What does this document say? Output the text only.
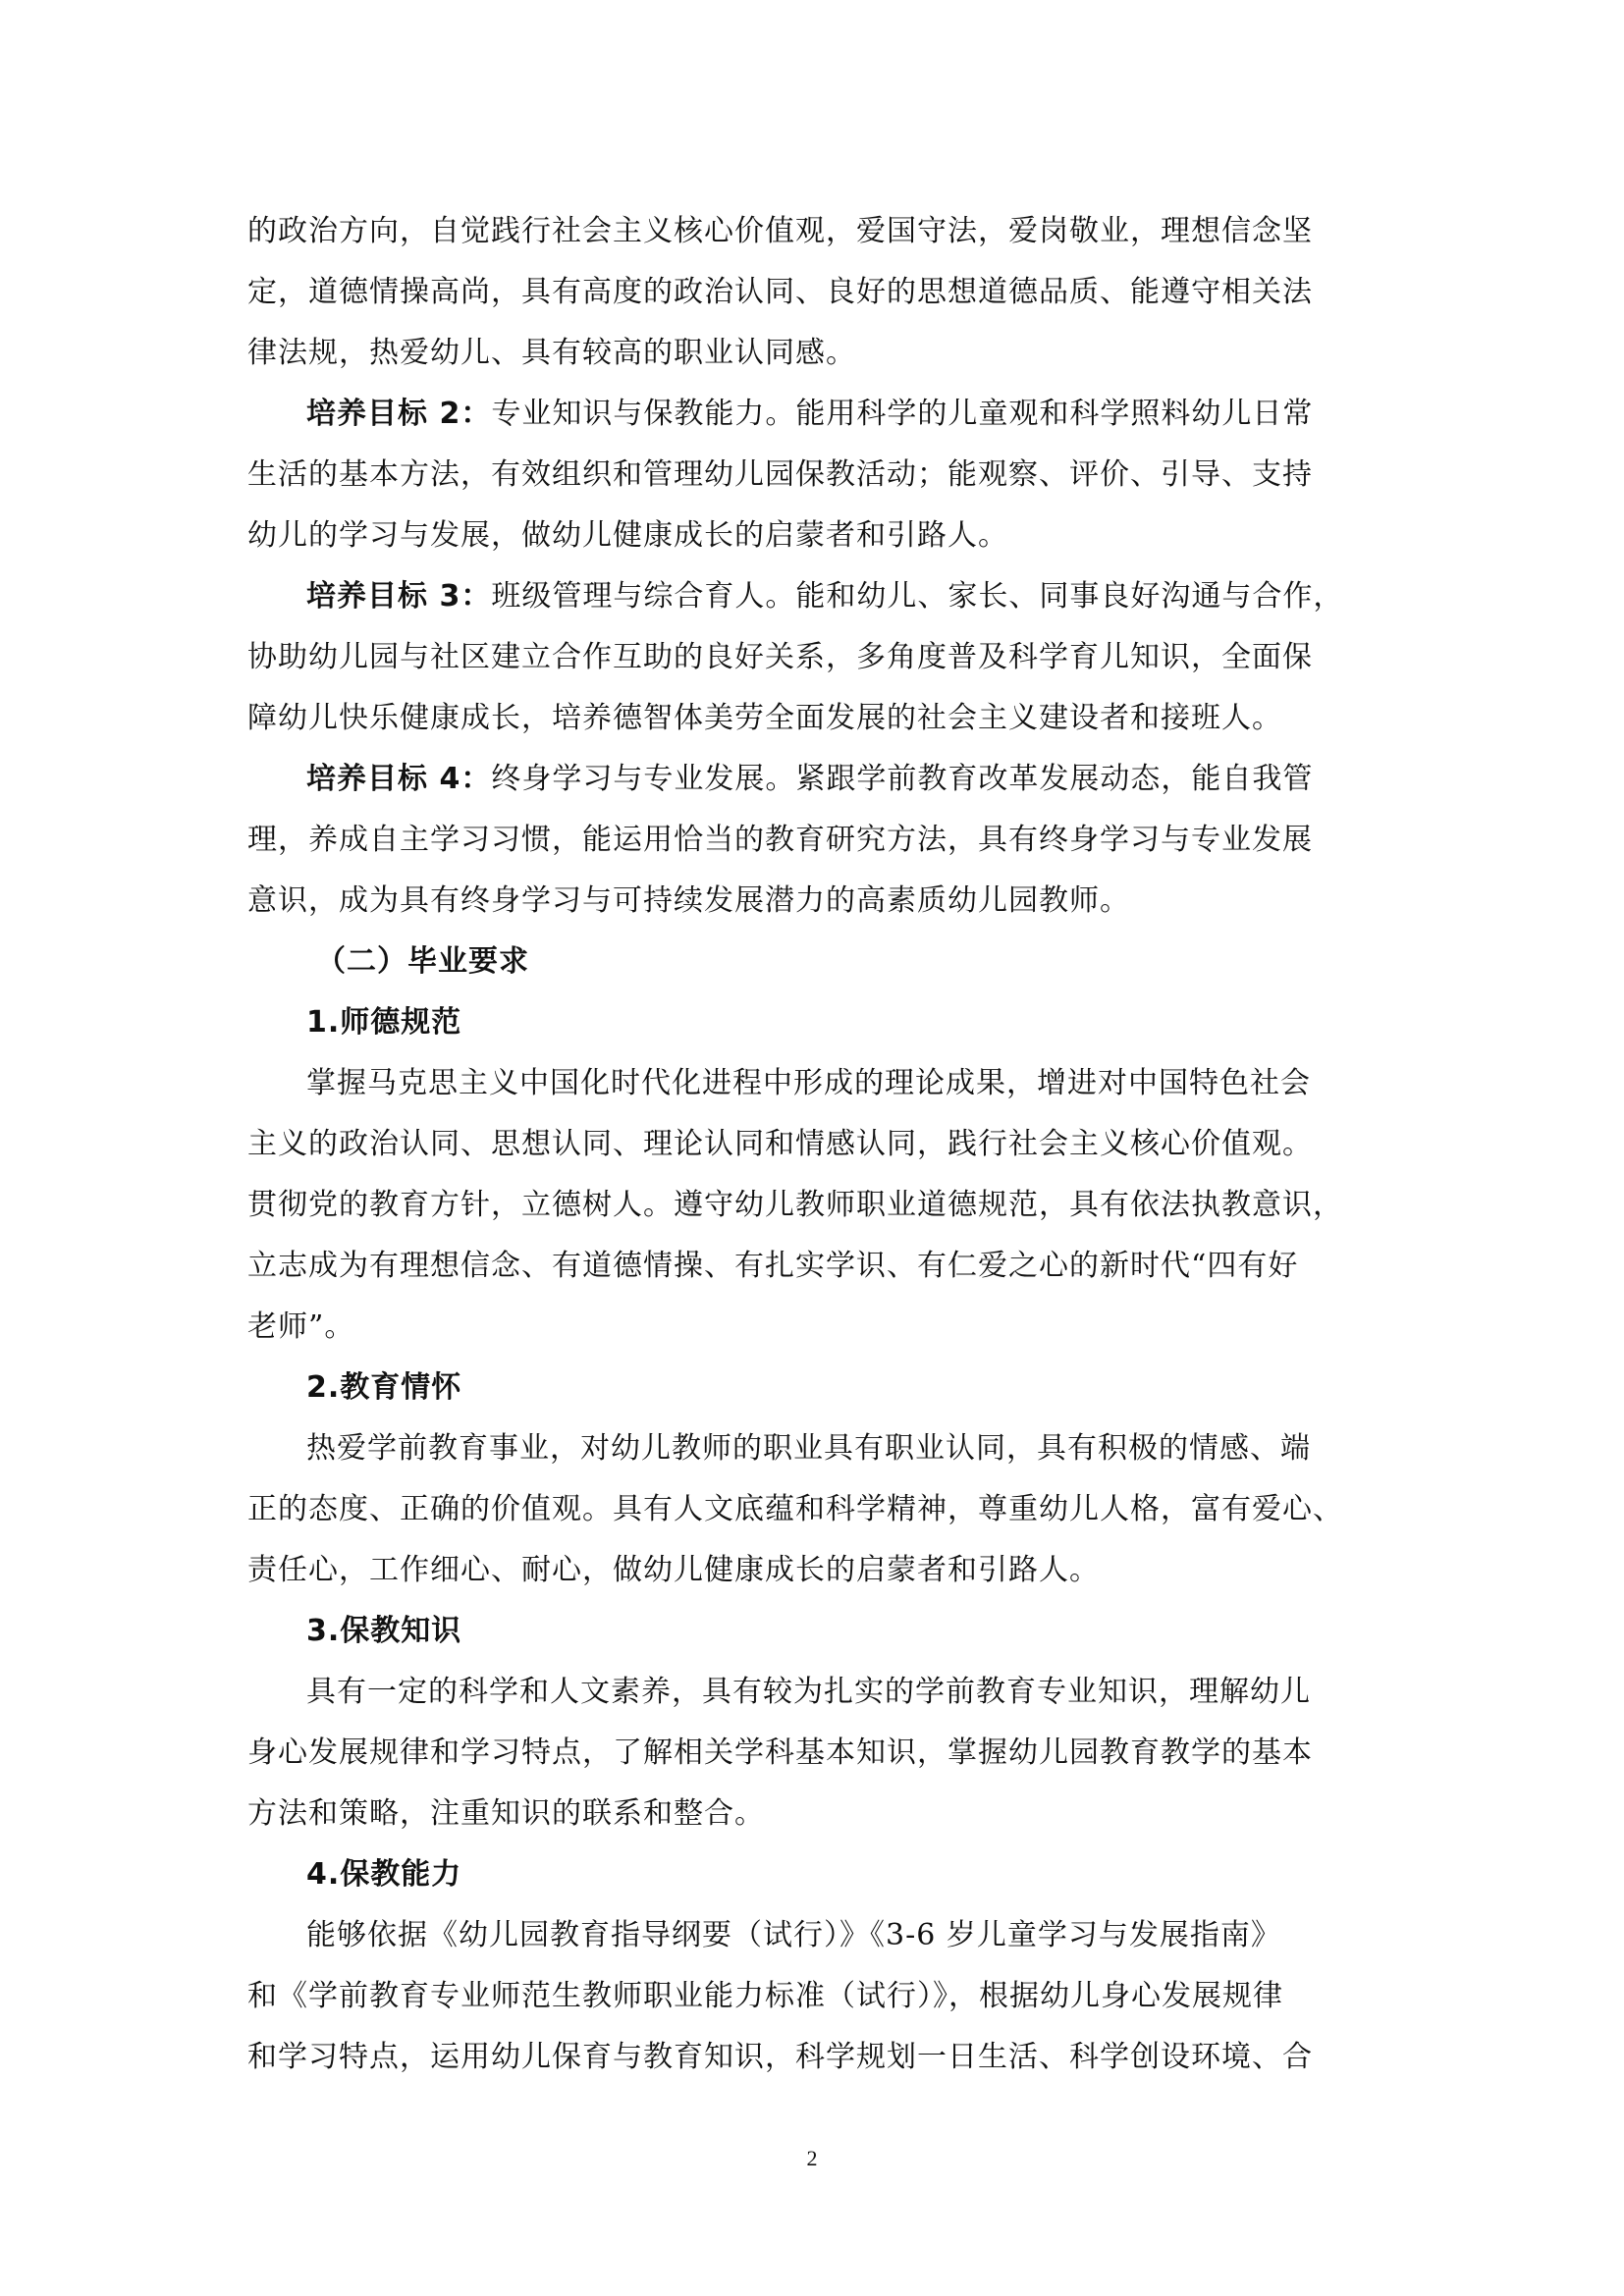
的政治方向，自觉践行社会主义核心价值观，爱国守法，爱岗敬业，理想信念坚
定，道德情操高尚，具有高度的政治认同、良好的思想道德品质、能遵守相关法
律法规，热爱幼儿、具有较高的职业认同感。
培养目标 2：专业知识与保教能力。能用科学的儿童观和科学照料幼儿日常
生活的基本方法，有效组织和管理幼儿园保教活动；能观察、评价、引导、支持
幼儿的学习与发展，做幼儿健康成长的启蒙者和引路人。
培养目标 3：班级管理与综合育人。能和幼儿、家长、同事良好沟通与合作，
协助幼儿园与社区建立合作互助的良好关系，多角度普及科学育儿知识，全面保
障幼儿快乐健康成长，培养德智体美劳全面发展的社会主义建设者和接班人。
培养目标 4：终身学习与专业发展。紧跟学前教育改革发展动态，能自我管
理，养成自主学习习惯，能运用恰当的教育研究方法，具有终身学习与专业发展
意识，成为具有终身学习与可持续发展潜力的高素质幼儿园教师。
（二）毕业要求
1.师德规范
掌握马克思主义中国化时代化进程中形成的理论成果，增进对中国特色社会
主义的政治认同、思想认同、理论认同和情感认同，践行社会主义核心价值观。
贯彻党的教育方针，立德树人。遵守幼儿教师职业道德规范，具有依法执教意识，
立志成为有理想信念、有道德情操、有扎实学识、有仁爱之心的新时代“四有好
老师”。
2.教育情怀
热爱学前教育事业，对幼儿教师的职业具有职业认同，具有积极的情感、端
正的态度、正确的价值观。具有人文底蕴和科学精神，尊重幼儿人格，富有爱心、
责任心，工作细心、耐心，做幼儿健康成长的启蒙者和引路人。
3.保教知识
具有一定的科学和人文素养，具有较为扎实的学前教育专业知识，理解幼儿
身心发展规律和学习特点，了解相关学科基本知识，掌握幼儿园教育教学的基本
方法和策略，注重知识的联系和整合。
4.保教能力
能够依据《幼儿园教育指导纲要（试行）》《3-6 岁儿童学习与发展指南》
和《学前教育专业师范生教师职业能力标准（试行）》，根据幼儿身心发展规律
和学习特点，运用幼儿保育与教育知识，科学规划一日生活、科学创设环境、合
2
